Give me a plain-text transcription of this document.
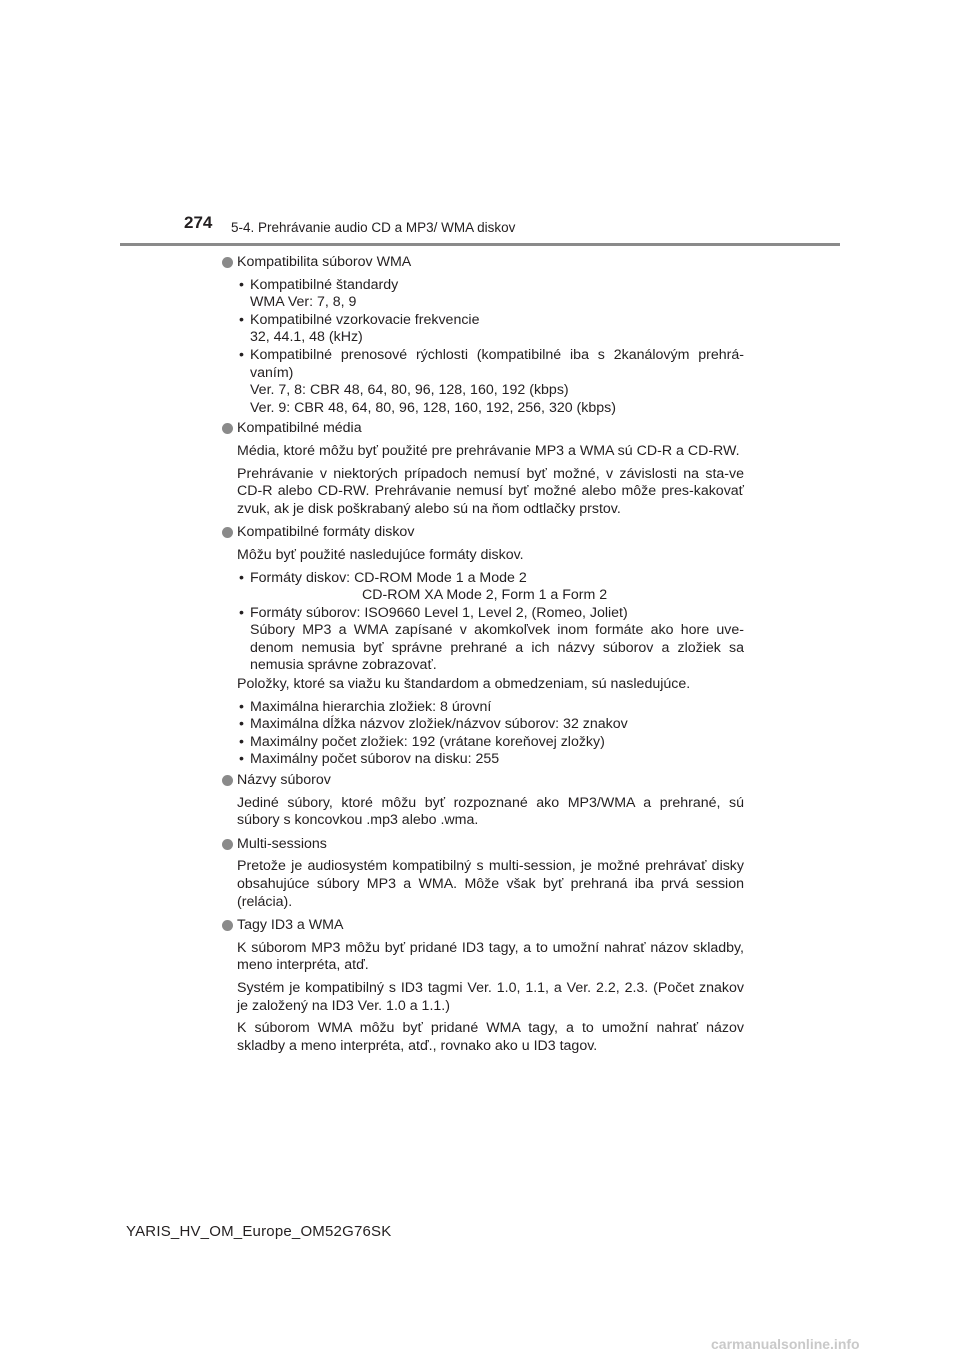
274 5-4. Prehrávanie audio CD a MP3/ WMA diskov
Kompatibilita súborov WMA
• Kompatibilné štandardy
WMA Ver: 7, 8, 9
• Kompatibilné vzorkovacie frekvencie
32, 44.1, 48 (kHz)
• Kompatibilné prenosové rýchlosti (kompatibilné iba s 2kanálovým prehrá-vaním)
Ver. 7, 8: CBR 48, 64, 80, 96, 128, 160, 192 (kbps)
Ver. 9: CBR 48, 64, 80, 96, 128, 160, 192, 256, 320 (kbps)
Kompatibilné média

Média, ktoré môžu byť použité pre prehrávanie MP3 a WMA sú CD-R a CD-RW.

Prehrávanie v niektorých prípadoch nemusí byť možné, v závislosti na sta-ve CD-R alebo CD-RW. Prehrávanie nemusí byť možné alebo môže pres-kakovať zvuk, ak je disk poškrabaný alebo sú na ňom odtlačky prstov.

Kompatibilné formáty diskov

Môžu byť použité nasledujúce formáty diskov.

• Formáty diskov: CD-ROM Mode 1 a Mode 2
CD-ROM XA Mode 2, Form 1 a Form 2
• Formáty súborov: ISO9660 Level 1, Level 2, (Romeo, Joliet)
Súbory MP3 a WMA zapísané v akomkoľvek inom formáte ako hore uve-denom nemusia byť správne prehrané a ich názvy súborov a zložiek sa nemusia správne zobrazovať.

Položky, ktoré sa viažu ku štandardom a obmedzeniam, sú nasledujúce.

• Maximálna hierarchia zložiek: 8 úrovní
• Maximálna dĺžka názvov zložiek/názvov súborov: 32 znakov
• Maximálny počet zložiek: 192 (vrátane koreňovej zložky)
• Maximálny počet súborov na disku: 255
Názvy súborov

Jediné súbory, ktoré môžu byť rozpoznané ako MP3/WMA a prehrané, sú súbory s koncovkou .mp3 alebo .wma.

Multi-sessions

Pretože je audiosystém kompatibilný s multi-session, je možné prehrávať disky obsahujúce súbory MP3 a WMA. Môže však byť prehraná iba prvá session (relácia).

Tagy ID3 a WMA

K súborom MP3 môžu byť pridané ID3 tagy, a to umožní nahrať názov skladby, meno interpréta, atď.

Systém je kompatibilný s ID3 tagmi Ver. 1.0, 1.1, a Ver. 2.2, 2.3. (Počet znakov je založený na ID3 Ver. 1.0 a 1.1.)

K súborom WMA môžu byť pridané WMA tagy, a to umožní nahrať názov skladby a meno interpréta, atď., rovnako ako u ID3 tagov.

YARIS_HV_OM_Europe_OM52G76SK
carmanualsonline.info
